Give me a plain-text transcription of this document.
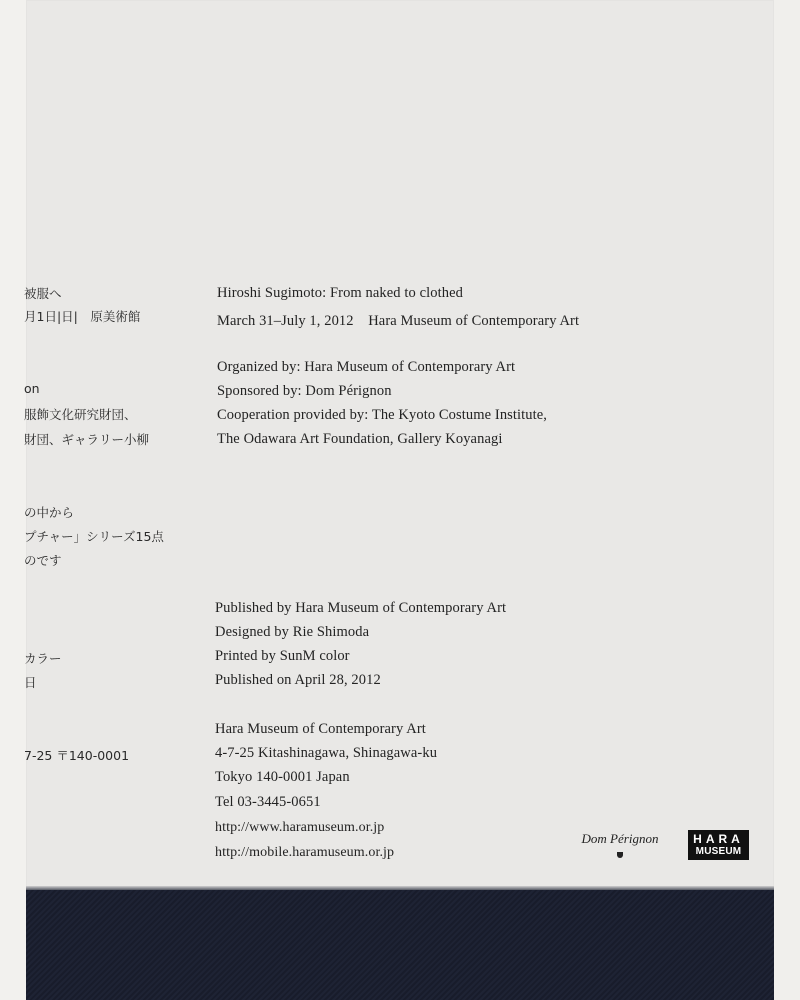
被服へ
月1日|日|　原美術館
on
服飾文化研究財団、
財団、ギャラリー小柳
の中から
プチャー」シリーズ15点
のです
カラー
日
7-25 〒140-0001
Hiroshi Sugimoto: From naked to clothed
March 31–July 1, 2012　Hara Museum of Contemporary Art
Organized by: Hara Museum of Contemporary Art
Sponsored by: Dom Pérignon
Cooperation provided by: The Kyoto Costume Institute,
The Odawara Art Foundation, Gallery Koyanagi
Published by Hara Museum of Contemporary Art
Designed by Rie Shimoda
Printed by SunM color
Published on April 28, 2012
Hara Museum of Contemporary Art
4-7-25 Kitashinagawa, Shinagawa-ku
Tokyo 140-0001 Japan
Tel 03-3445-0651
http://www.haramuseum.or.jp
http://mobile.haramuseum.or.jp
Dom Pérignon	HARA
MUSEUM
